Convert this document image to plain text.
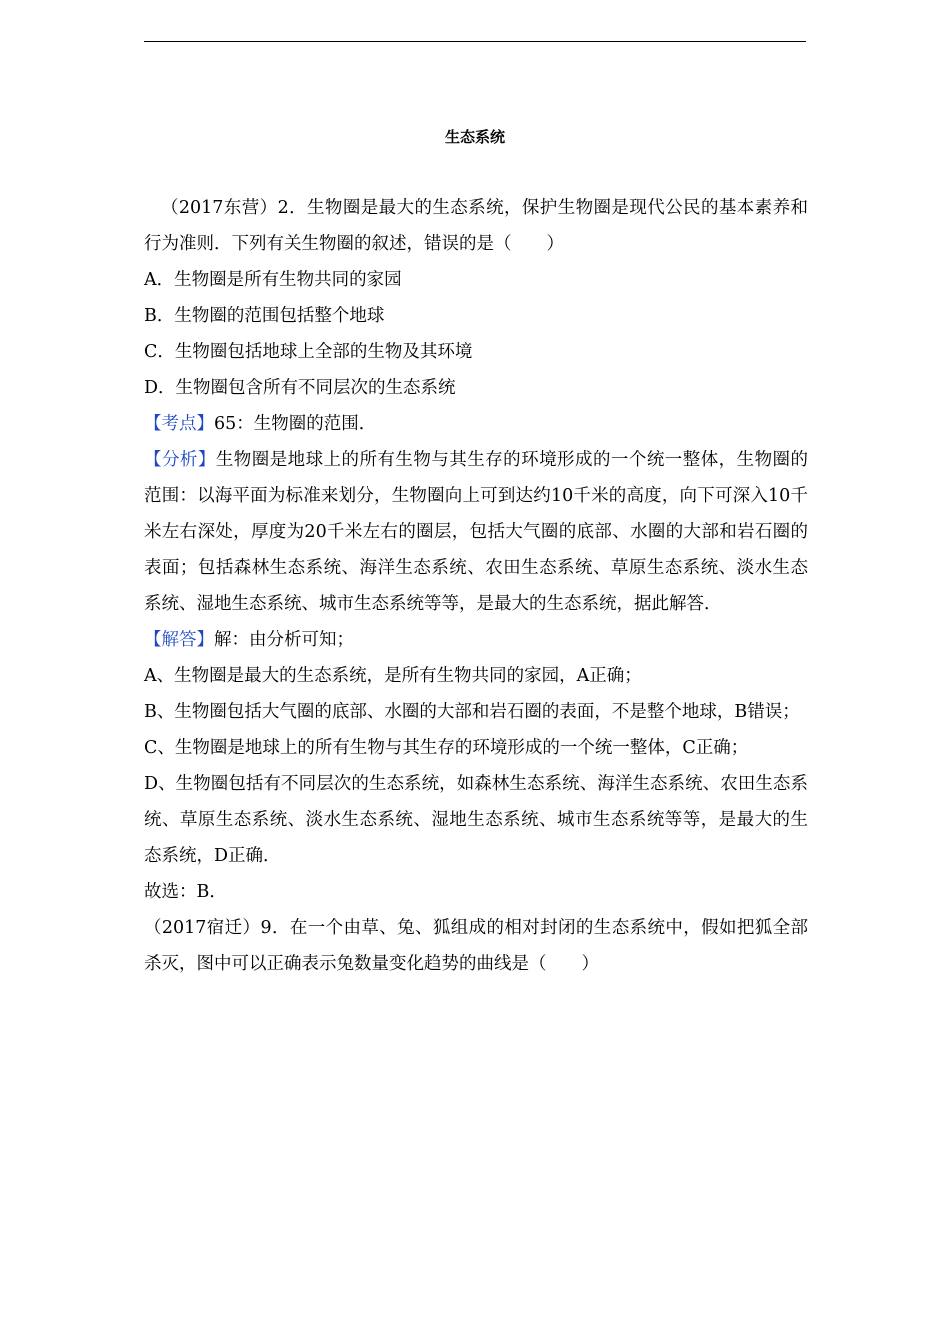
生态系统

（2017东营）2．生物圈是最大的生态系统，保护生物圈是现代公民的基本素养和行为准则．下列有关生物圈的叙述，错误的是（　　）

A．生物圈是所有生物共同的家园

B．生物圈的范围包括整个地球

C．生物圈包括地球上全部的生物及其环境

D．生物圈包含所有不同层次的生态系统

【考点】65：生物圈的范围．

【分析】生物圈是地球上的所有生物与其生存的环境形成的一个统一整体，生物圈的范围：以海平面为标准来划分，生物圈向上可到达约10千米的高度，向下可深入10千米左右深处，厚度为20千米左右的圈层，包括大气圈的底部、水圈的大部和岩石圈的表面；包括森林生态系统、海洋生态系统、农田生态系统、草原生态系统、淡水生态系统、湿地生态系统、城市生态系统等等，是最大的生态系统，据此解答．

【解答】解：由分析可知；

A、生物圈是最大的生态系统，是所有生物共同的家园，A正确；

B、生物圈包括大气圈的底部、水圈的大部和岩石圈的表面，不是整个地球，B错误；

C、生物圈是地球上的所有生物与其生存的环境形成的一个统一整体，C正确；

D、生物圈包括有不同层次的生态系统，如森林生态系统、海洋生态系统、农田生态系统、草原生态系统、淡水生态系统、湿地生态系统、城市生态系统等等，是最大的生态系统，D正确．

故选：B．

（2017宿迁）9．在一个由草、兔、狐组成的相对封闭的生态系统中，假如把狐全部杀灭，图中可以正确表示兔数量变化趋势的曲线是（　　）
